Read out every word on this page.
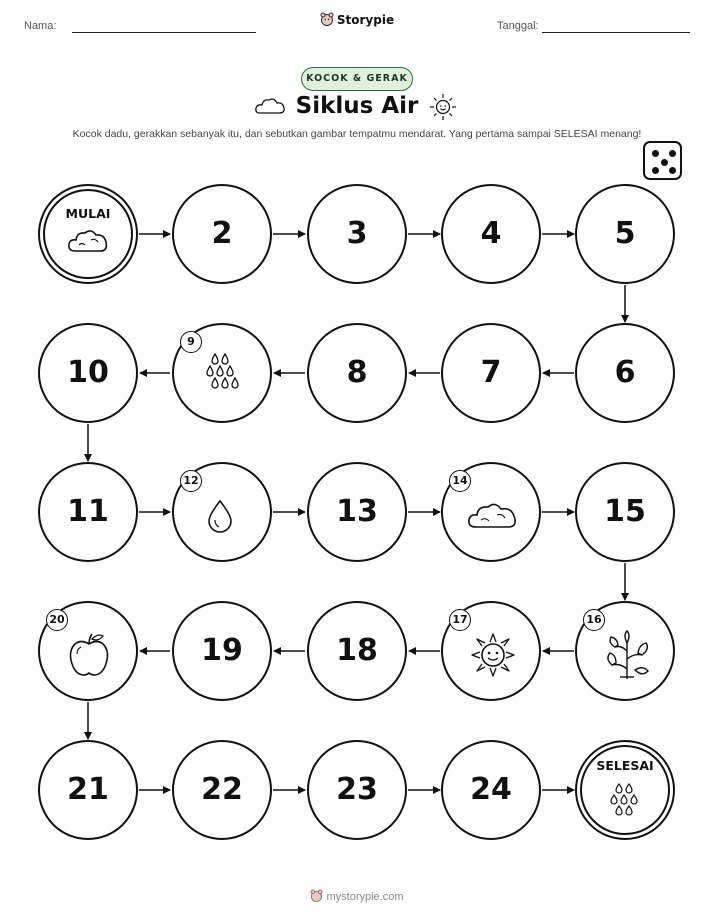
Nama:	Storypie	Tanggal:
KOCOK & GERAK
Siklus Air
Kocok dadu, gerakkan sebanyak itu, dan sebutkan gambar tempatmu mendarat. Yang pertama sampai SELESAI menang!
MULAI
2	3	4	5
10
9
8	7	6
11
12
13
14
15
20
19	18
17	16
21	22	23	24
SELESAI
mystorypie.com
